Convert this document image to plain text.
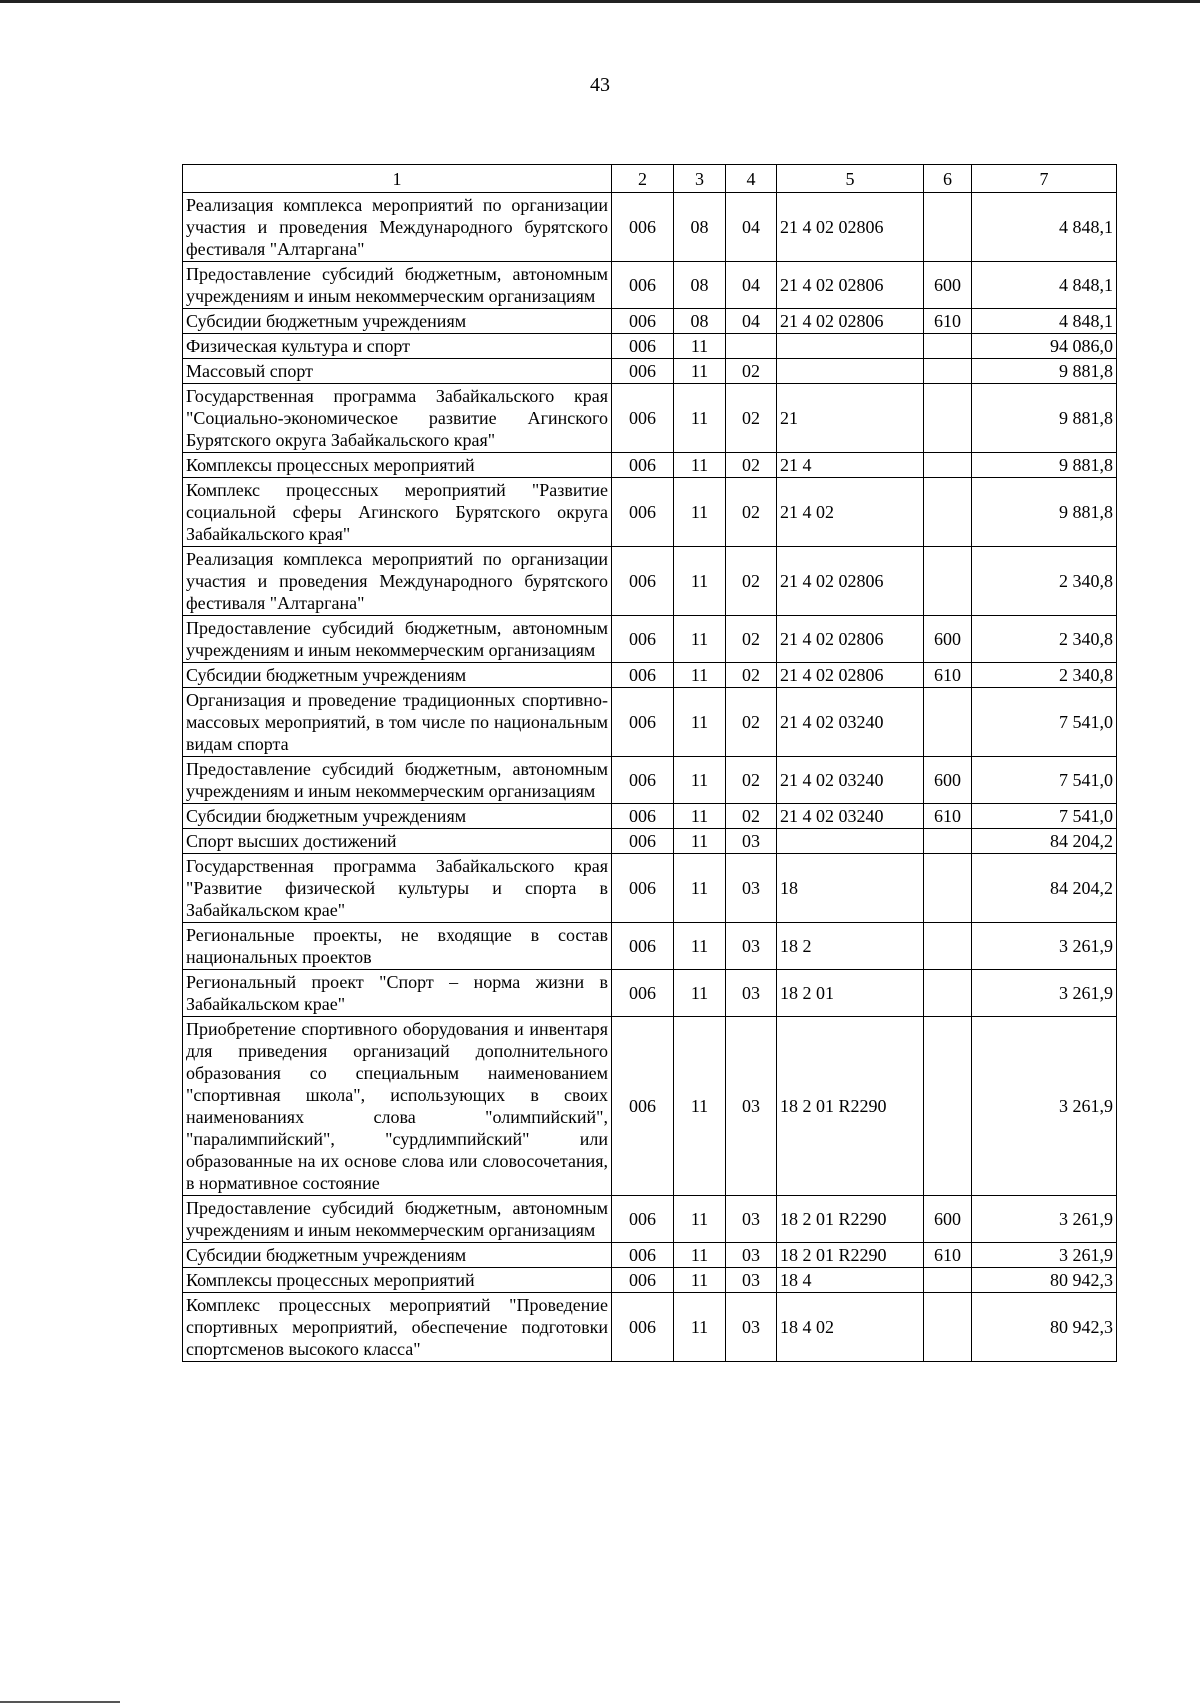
43
1	2	3	4	5	6	7
Реализация комплекса мероприятий по организации участия и проведения Международного бурятского фестиваля "Алтаргана"	006	08	04	21 4 02 02806		4 848,1
Предоставление субсидий бюджетным, автономным учреждениям и иным некоммерческим организациям	006	08	04	21 4 02 02806	600	4 848,1
Субсидии бюджетным учреждениям	006	08	04	21 4 02 02806	610	4 848,1
Физическая культура и спорт	006	11				94 086,0
Массовый спорт	006	11	02			9 881,8
Государственная программа Забайкальского края "Социально-экономическое развитие Агинского Бурятского округа Забайкальского края"	006	11	02	21		9 881,8
Комплексы процессных мероприятий	006	11	02	21 4		9 881,8
Комплекс процессных мероприятий "Развитие социальной сферы Агинского Бурятского округа Забайкальского края"	006	11	02	21 4 02		9 881,8
Реализация комплекса мероприятий по организации участия и проведения Международного бурятского фестиваля "Алтаргана"	006	11	02	21 4 02 02806		2 340,8
Предоставление субсидий бюджетным, автономным учреждениям и иным некоммерческим организациям	006	11	02	21 4 02 02806	600	2 340,8
Субсидии бюджетным учреждениям	006	11	02	21 4 02 02806	610	2 340,8
Организация и проведение традиционных спортивно-массовых мероприятий, в том числе по национальным видам спорта	006	11	02	21 4 02 03240		7 541,0
Предоставление субсидий бюджетным, автономным учреждениям и иным некоммерческим организациям	006	11	02	21 4 02 03240	600	7 541,0
Субсидии бюджетным учреждениям	006	11	02	21 4 02 03240	610	7 541,0
Спорт высших достижений	006	11	03			84 204,2
Государственная программа Забайкальского края "Развитие физической культуры и спорта в Забайкальском крае"	006	11	03	18		84 204,2
Региональные проекты, не входящие в состав национальных проектов	006	11	03	18 2		3 261,9
Региональный проект "Спорт – норма жизни в Забайкальском крае"	006	11	03	18 2 01		3 261,9
Приобретение спортивного оборудования и инвентаря для приведения организаций дополнительного образования со специальным наименованием "спортивная школа", использующих в своих наименованиях слова "олимпийский", "паралимпийский", "сурдлимпийский" или образованные на их основе слова или словосочетания, в нормативное состояние	006	11	03	18 2 01 R2290		3 261,9
Предоставление субсидий бюджетным, автономным учреждениям и иным некоммерческим организациям	006	11	03	18 2 01 R2290	600	3 261,9
Субсидии бюджетным учреждениям	006	11	03	18 2 01 R2290	610	3 261,9
Комплексы процессных мероприятий	006	11	03	18 4		80 942,3
Комплекс процессных мероприятий "Проведение спортивных мероприятий, обеспечение подготовки спортсменов высокого класса"	006	11	03	18 4 02		80 942,3
